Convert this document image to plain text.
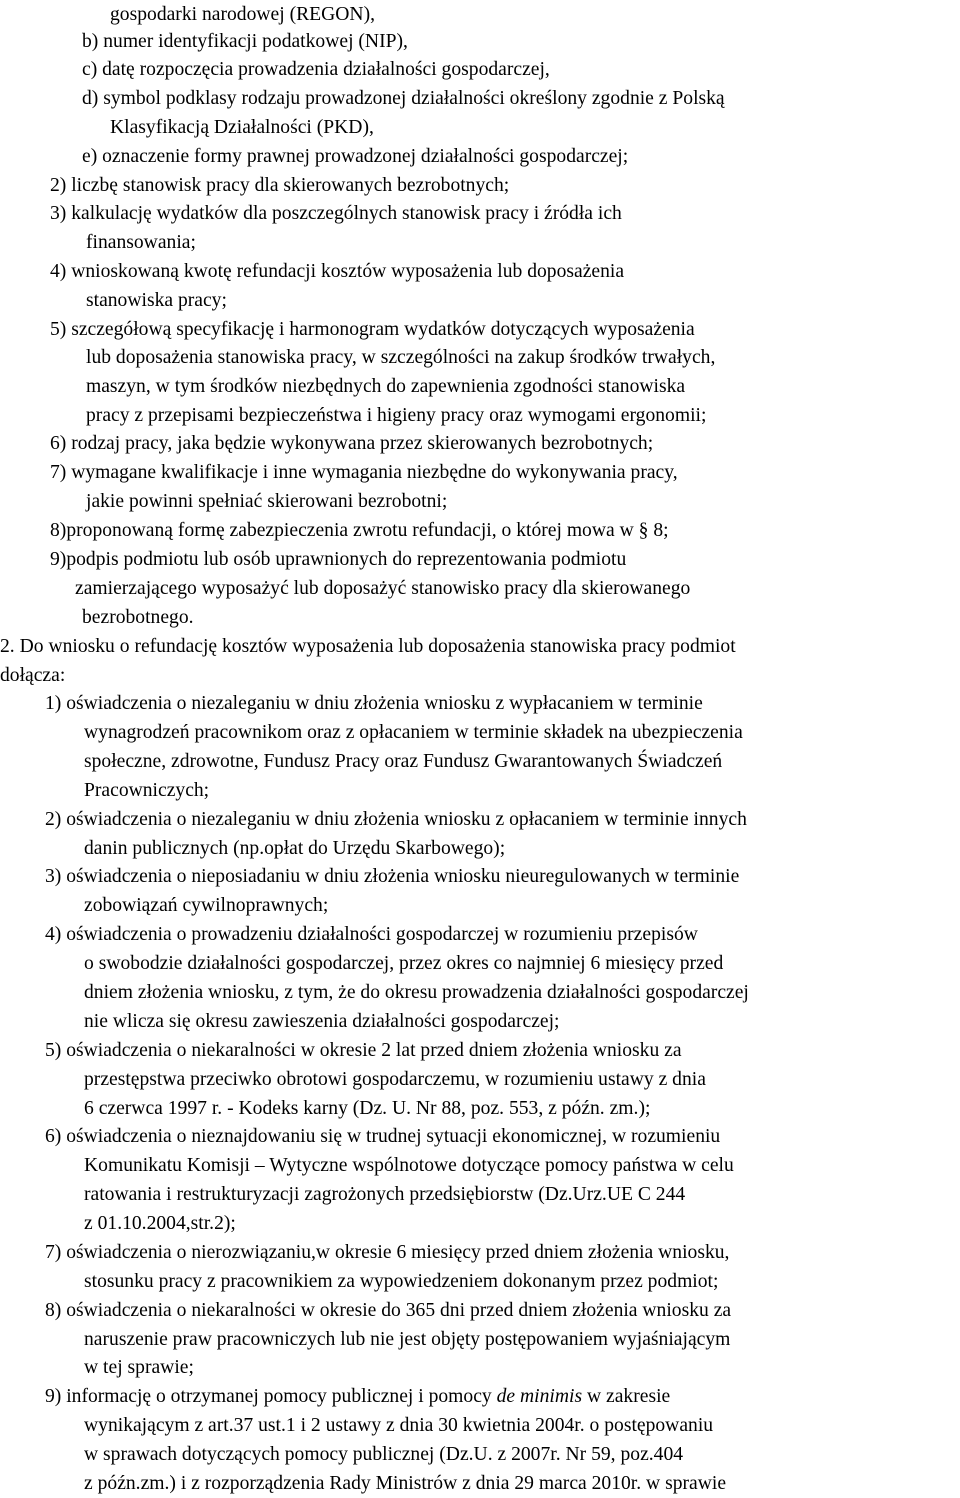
gospodarki narodowej (REGON),
b) numer identyfikacji podatkowej (NIP),
c) datę rozpoczęcia prowadzenia działalności gospodarczej,
d) symbol podklasy rodzaju prowadzonej działalności określony zgodnie z Polską
Klasyfikacją Działalności (PKD),
e) oznaczenie formy prawnej prowadzonej działalności gospodarczej;
2) liczbę stanowisk pracy dla skierowanych bezrobotnych;
3) kalkulację wydatków dla poszczególnych stanowisk pracy i źródła ich
finansowania;
4) wnioskowaną kwotę refundacji kosztów wyposażenia lub doposażenia
stanowiska pracy;
5) szczegółową specyfikację i harmonogram wydatków dotyczących wyposażenia
lub doposażenia stanowiska pracy, w szczególności na zakup środków trwałych,
maszyn, w tym środków niezbędnych do zapewnienia zgodności stanowiska
pracy z przepisami bezpieczeństwa i higieny pracy oraz wymogami ergonomii;
6) rodzaj pracy, jaka będzie wykonywana przez skierowanych bezrobotnych;
7) wymagane kwalifikacje i inne wymagania niezbędne do wykonywania pracy,
jakie powinni spełniać skierowani bezrobotni;
8)proponowaną formę zabezpieczenia zwrotu refundacji, o której mowa w § 8;
9)podpis podmiotu lub osób uprawnionych do reprezentowania podmiotu
zamierzającego wyposażyć lub doposażyć stanowisko pracy dla skierowanego
bezrobotnego.
2. Do wniosku o refundację kosztów wyposażenia lub doposażenia stanowiska pracy podmiot
dołącza:
1) oświadczenia o niezaleganiu w dniu złożenia wniosku z wypłacaniem w terminie
wynagrodzeń pracownikom oraz z opłacaniem w terminie składek na ubezpieczenia
społeczne, zdrowotne, Fundusz Pracy oraz Fundusz Gwarantowanych Świadczeń
Pracowniczych;
2) oświadczenia o niezaleganiu w dniu złożenia wniosku z opłacaniem w terminie innych
danin publicznych (np.opłat do Urzędu Skarbowego);
3) oświadczenia o nieposiadaniu w dniu złożenia wniosku nieuregulowanych w terminie
zobowiązań cywilnoprawnych;
4) oświadczenia o prowadzeniu działalności gospodarczej w rozumieniu przepisów
o swobodzie działalności gospodarczej, przez okres co najmniej 6 miesięcy przed
dniem złożenia wniosku, z tym, że do okresu prowadzenia działalności gospodarczej
nie wlicza się okresu zawieszenia działalności gospodarczej;
5) oświadczenia o niekaralności w okresie 2 lat przed dniem złożenia wniosku za
przestępstwa przeciwko obrotowi gospodarczemu, w rozumieniu ustawy z dnia
6 czerwca 1997 r. - Kodeks karny (Dz. U. Nr 88, poz. 553, z późn. zm.);
6) oświadczenia o nieznajdowaniu się w trudnej sytuacji ekonomicznej, w rozumieniu
Komunikatu Komisji – Wytyczne wspólnotowe dotyczące pomocy państwa w celu
ratowania i restrukturyzacji zagrożonych przedsiębiorstw (Dz.Urz.UE C 244
z 01.10.2004,str.2);
7) oświadczenia o nierozwiązaniu,w okresie 6 miesięcy przed dniem złożenia wniosku,
stosunku pracy z pracownikiem za wypowiedzeniem dokonanym przez podmiot;
8) oświadczenia o niekaralności w okresie do 365 dni przed dniem złożenia wniosku za
naruszenie praw pracowniczych lub nie jest objęty postępowaniem wyjaśniającym
w tej sprawie;
9) informację o otrzymanej pomocy publicznej i pomocy de minimis w zakresie
wynikającym z art.37 ust.1 i 2 ustawy z dnia 30 kwietnia 2004r. o postępowaniu
w sprawach dotyczących pomocy publicznej (Dz.U. z 2007r. Nr 59, poz.404
z późn.zm.) i z rozporządzenia Rady Ministrów z dnia 29 marca 2010r. w sprawie
